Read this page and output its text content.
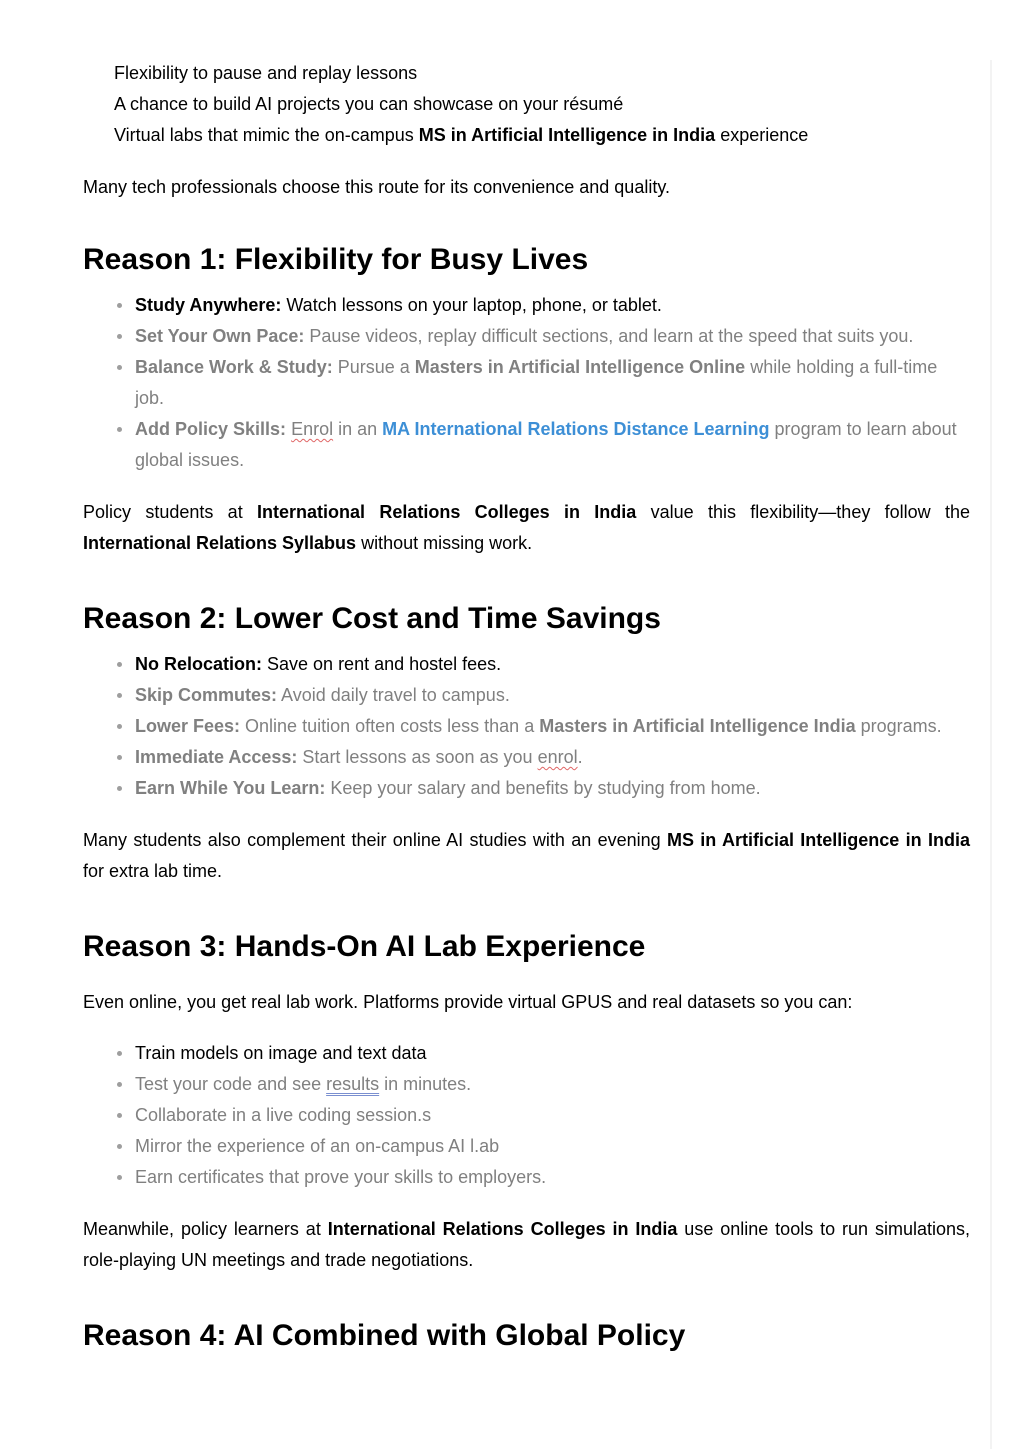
Flexibility to pause and replay lessons
A chance to build AI projects you can showcase on your résumé
Virtual labs that mimic the on-campus MS in Artificial Intelligence in India experience

Many tech professionals choose this route for its convenience and quality.

Reason 1: Flexibility for Busy Lives
Study Anywhere: Watch lessons on your laptop, phone, or tablet.
Set Your Own Pace: Pause videos, replay difficult sections, and learn at the speed that suits you.
Balance Work & Study: Pursue a Masters in Artificial Intelligence Online while holding a full-time job.
Add Policy Skills: Enrol in an MA International Relations Distance Learning program to learn about global issues.

Policy students at International Relations Colleges in India value this flexibility—they follow the International Relations Syllabus without missing work.

Reason 2: Lower Cost and Time Savings
No Relocation: Save on rent and hostel fees.
Skip Commutes: Avoid daily travel to campus.
Lower Fees: Online tuition often costs less than a Masters in Artificial Intelligence India programs.
Immediate Access: Start lessons as soon as you enrol.
Earn While You Learn: Keep your salary and benefits by studying from home.

Many students also complement their online AI studies with an evening MS in Artificial Intelligence in India for extra lab time.

Reason 3: Hands-On AI Lab Experience

Even online, you get real lab work. Platforms provide virtual GPUS and real datasets so you can:

Train models on image and text data
Test your code and see results in minutes.
Collaborate in a live coding session.s
Mirror the experience of an on-campus AI l.ab
Earn certificates that prove your skills to employers.

Meanwhile, policy learners at International Relations Colleges in India use online tools to run simulations, role-playing UN meetings and trade negotiations.

Reason 4: AI Combined with Global Policy
